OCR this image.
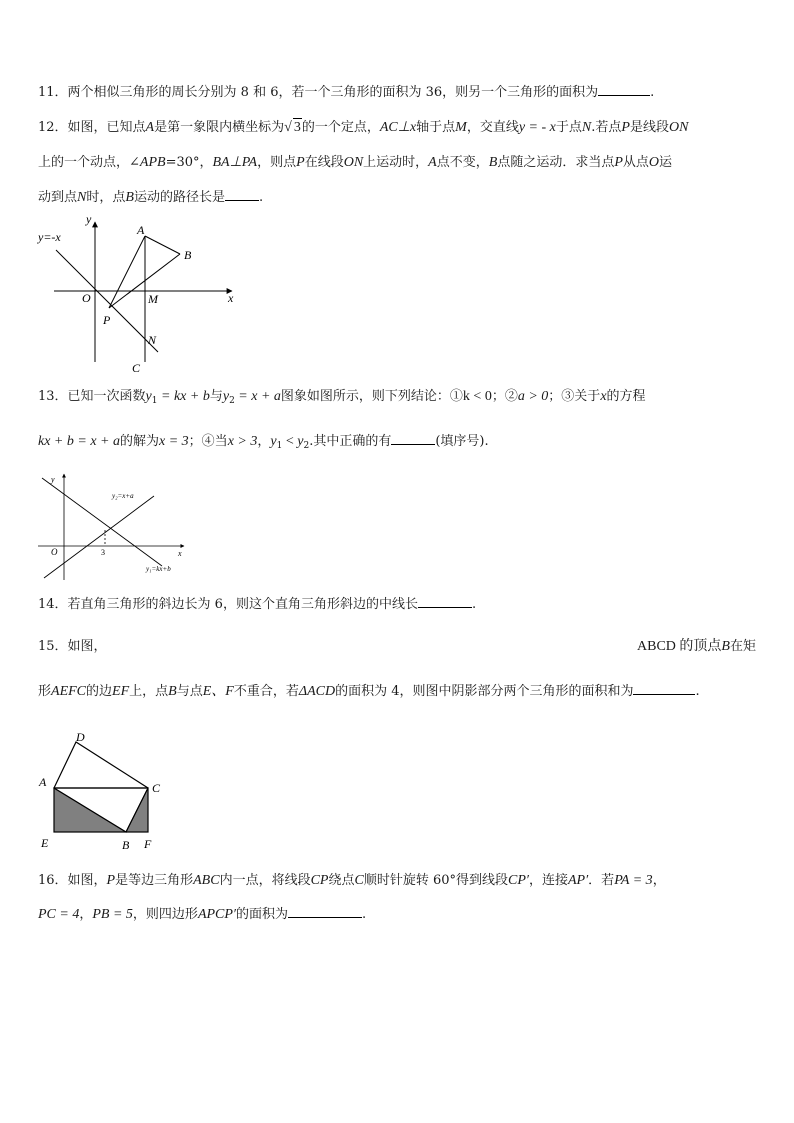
11．两个相似三角形的周长分别为 8 和 6，若一个三角形的面积为 36，则另一个三角形的面积为	.
12．如图，已知点A是第一象限内横坐标为√ 3的一个定点，AC⊥x轴于点M，交直线y = - x于点N.若点P是线段ON
上的一个动点，∠APB=30°，BA⊥PA，则点P在线段ON上运动时，A点不变，B点随之运动．求当点P从点O运
动到点N时，点B运动的路径长是	.
y=-x
y
x
A
B
O	M
P
N
C
13．已知一次函数$y_1$ = kx + b与$y_2 = x + a$图象如图所示，则下列结论：①k < 0；②a > 0；③关于x的方程
kx + b = x + a的解为x = 3；④当x > 3，$y_1 < y_2$.其中正确的有	(填序号).
y
x
O	3
y₂=x+a
y₁=kx+b
14．若直角三角形的斜边长为 6，则这个直角三角形斜边的中线长	.
15．如图，	ABCD 的顶点B在矩
形AEFC的边EF上，点B与点E、F不重合，若ΔACD的面积为 4，则图中阴影部分两个三角形的面积和为	.
D
A	C
E	B F
16．如图，P是等边三角形ABC内一点，将线段CP绕点C顺时针旋转 60°得到线段CP′，连接AP′．若PA = 3，
PC = 4，PB = 5，则四边形APCP′的面积为	.
